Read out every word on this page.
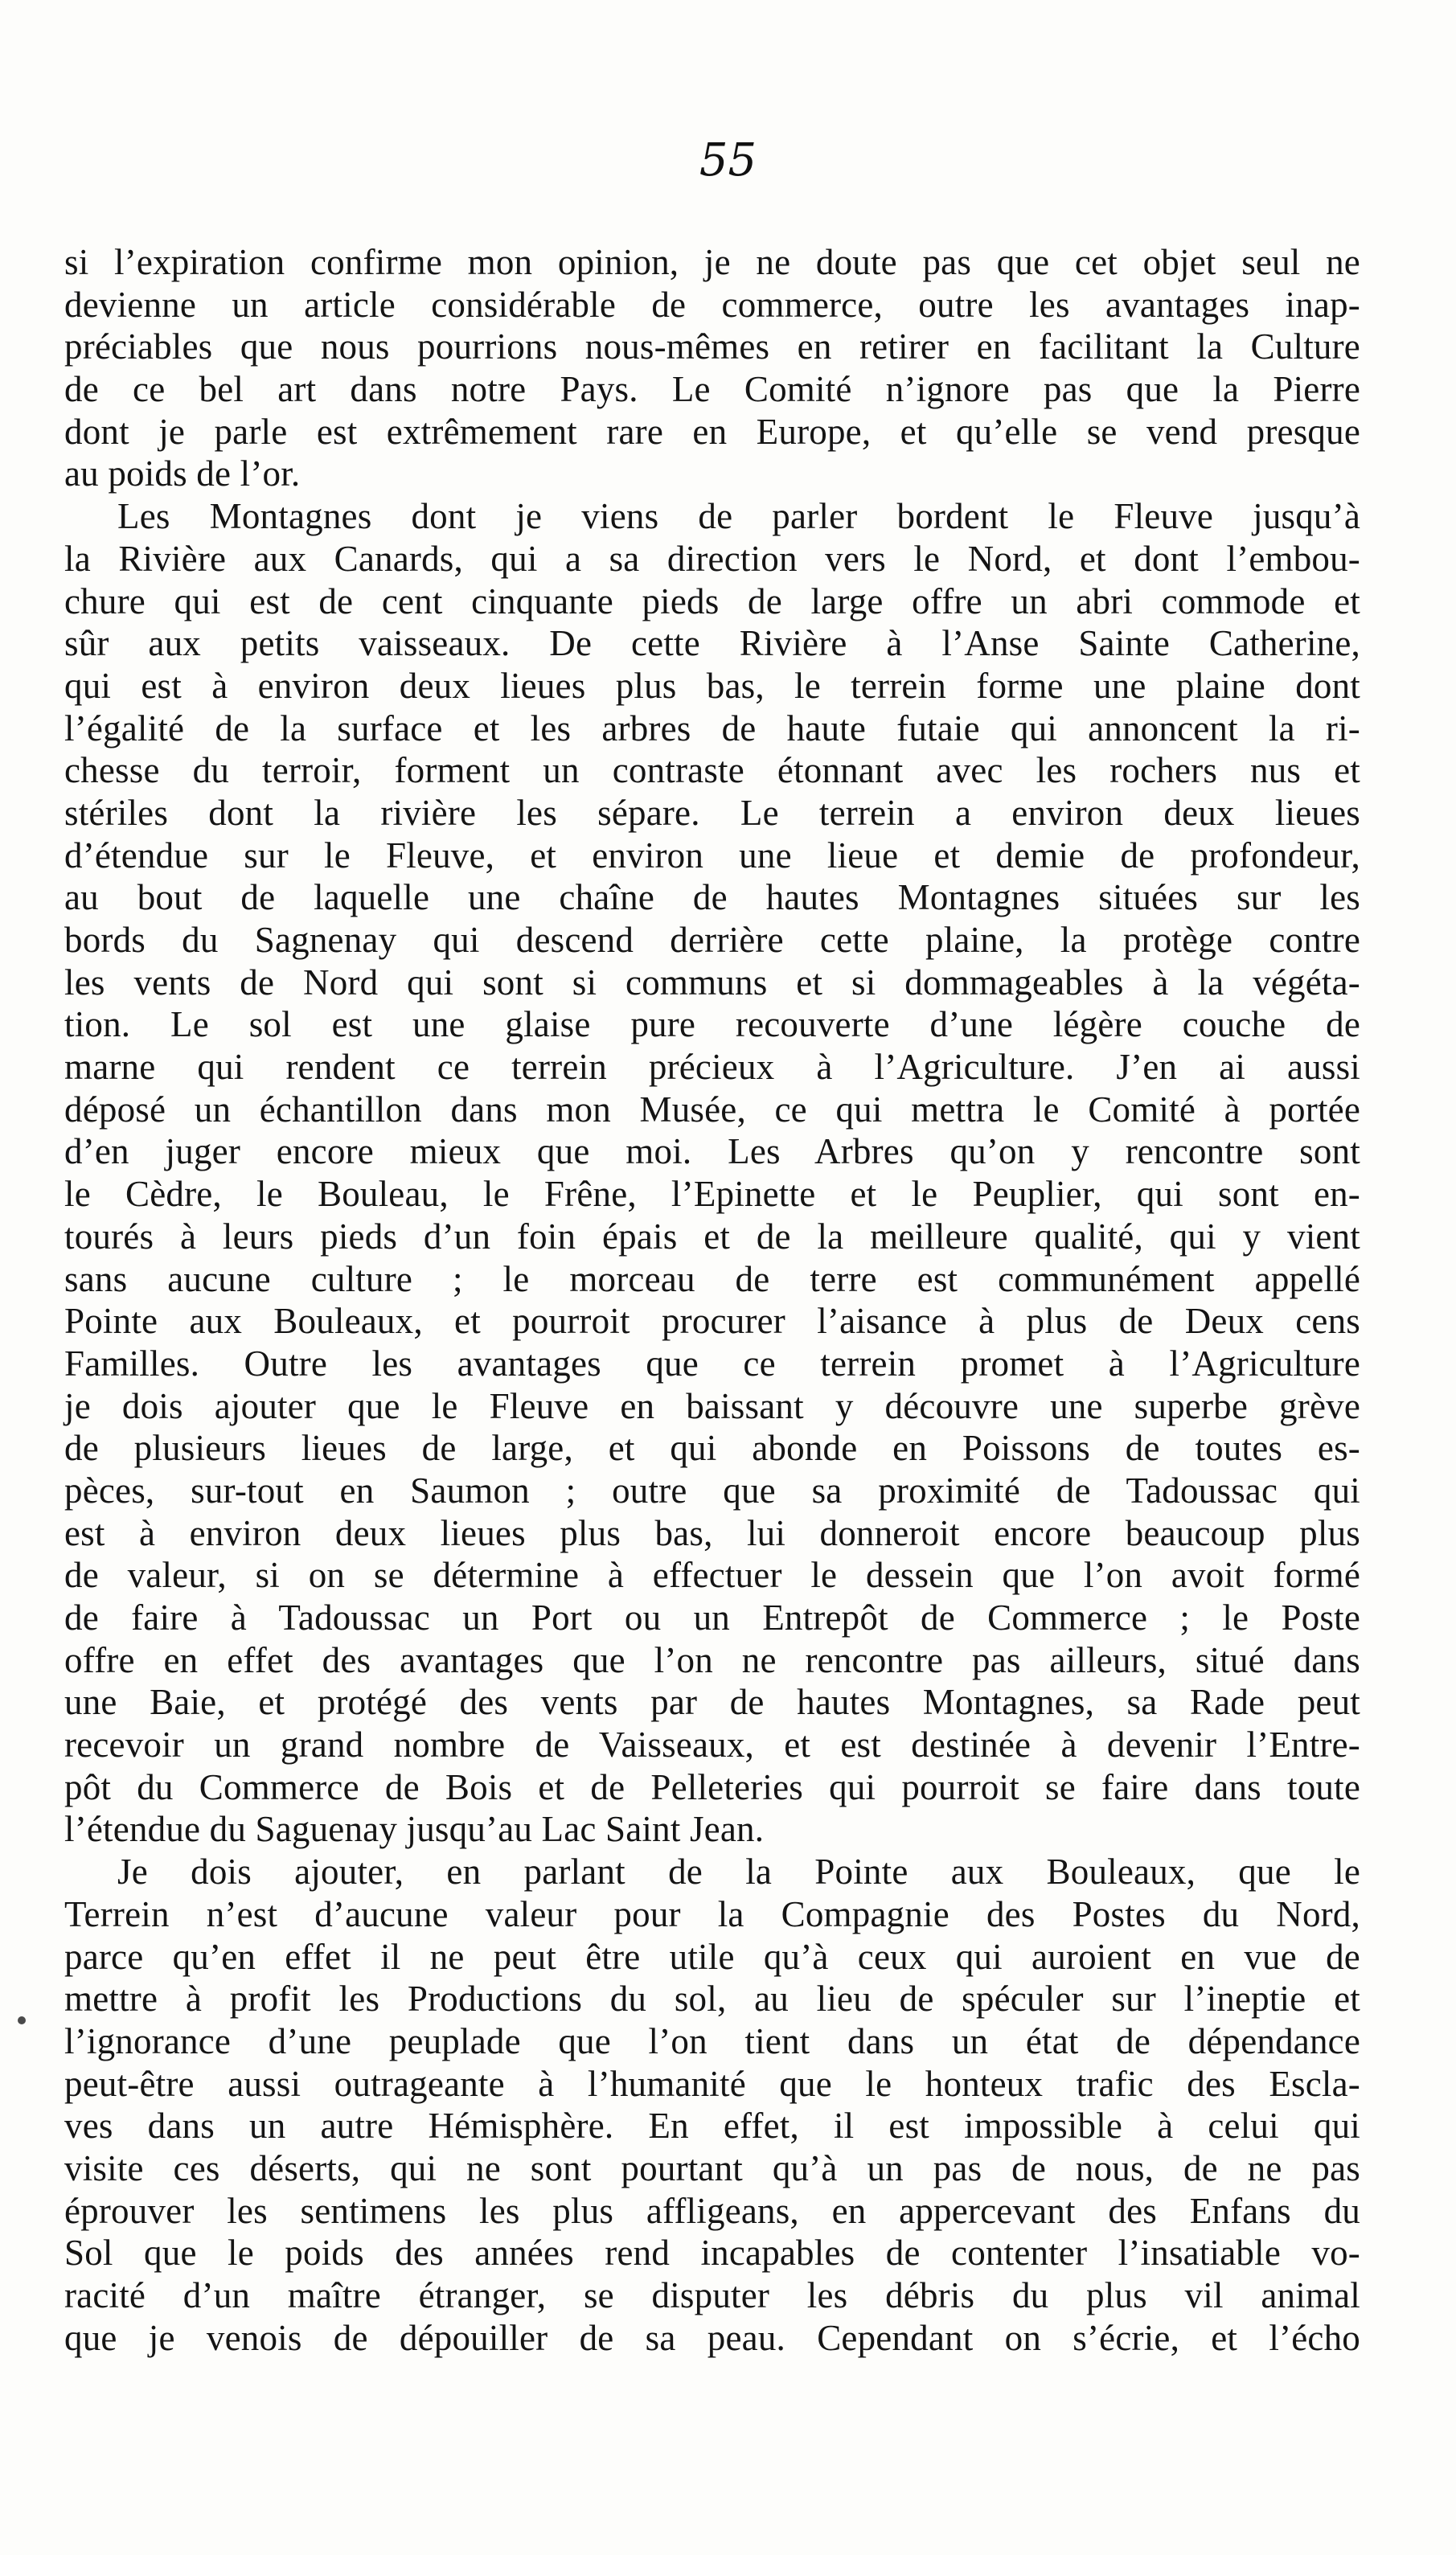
55
si l’expiration confirme mon opinion, je ne doute pas que cet objet seul ne
devienne un article considérable de commerce, outre les avantages inap-
préciables que nous pourrions nous-mêmes en retirer en facilitant la Culture
de ce bel art dans notre Pays. Le Comité n’ignore pas que la Pierre
dont je parle est extrêmement rare en Europe, et qu’elle se vend presque
au poids de l’or.
Les Montagnes dont je viens de parler bordent le Fleuve jusqu’à
la Rivière aux Canards, qui a sa direction vers le Nord, et dont l’embou-
chure qui est de cent cinquante pieds de large offre un abri commode et
sûr aux petits vaisseaux. De cette Rivière à l’Anse Sainte Catherine,
qui est à environ deux lieues plus bas, le terrein forme une plaine dont
l’égalité de la surface et les arbres de haute futaie qui annoncent la ri-
chesse du terroir, forment un contraste étonnant avec les rochers nus et
stériles dont la rivière les sépare. Le terrein a environ deux lieues
d’étendue sur le Fleuve, et environ une lieue et demie de profondeur,
au bout de laquelle une chaîne de hautes Montagnes situées sur les
bords du Sagnenay qui descend derrière cette plaine, la protège contre
les vents de Nord qui sont si communs et si dommageables à la végéta-
tion. Le sol est une glaise pure recouverte d’une légère couche de
marne qui rendent ce terrein précieux à l’Agriculture. J’en ai aussi
déposé un échantillon dans mon Musée, ce qui mettra le Comité à portée
d’en juger encore mieux que moi. Les Arbres qu’on y rencontre sont
le Cèdre, le Bouleau, le Frêne, l’Epinette et le Peuplier, qui sont en-
tourés à leurs pieds d’un foin épais et de la meilleure qualité, qui y vient
sans aucune culture ; le morceau de terre est communément appellé
Pointe aux Bouleaux, et pourroit procurer l’aisance à plus de Deux cens
Familles. Outre les avantages que ce terrein promet à l’Agriculture
je dois ajouter que le Fleuve en baissant y découvre une superbe grève
de plusieurs lieues de large, et qui abonde en Poissons de toutes es-
pèces, sur-tout en Saumon ; outre que sa proximité de Tadoussac qui
est à environ deux lieues plus bas, lui donneroit encore beaucoup plus
de valeur, si on se détermine à effectuer le dessein que l’on avoit formé
de faire à Tadoussac un Port ou un Entrepôt de Commerce ; le Poste
offre en effet des avantages que l’on ne rencontre pas ailleurs, situé dans
une Baie, et protégé des vents par de hautes Montagnes, sa Rade peut
recevoir un grand nombre de Vaisseaux, et est destinée à devenir l’Entre-
pôt du Commerce de Bois et de Pelleteries qui pourroit se faire dans toute
l’étendue du Saguenay jusqu’au Lac Saint Jean.
Je dois ajouter, en parlant de la Pointe aux Bouleaux, que le
Terrein n’est d’aucune valeur pour la Compagnie des Postes du Nord,
parce qu’en effet il ne peut être utile qu’à ceux qui auroient en vue de
mettre à profit les Productions du sol, au lieu de spéculer sur l’ineptie et
l’ignorance d’une peuplade que l’on tient dans un état de dépendance
peut-être aussi outrageante à l’humanité que le honteux trafic des Escla-
ves dans un autre Hémisphère. En effet, il est impossible à celui qui
visite ces déserts, qui ne sont pourtant qu’à un pas de nous, de ne pas
éprouver les sentimens les plus affligeans, en appercevant des Enfans du
Sol que le poids des années rend incapables de contenter l’insatiable vo-
racité d’un maître étranger, se disputer les débris du plus vil animal
que je venois de dépouiller de sa peau. Cependant on s’écrie, et l’écho
